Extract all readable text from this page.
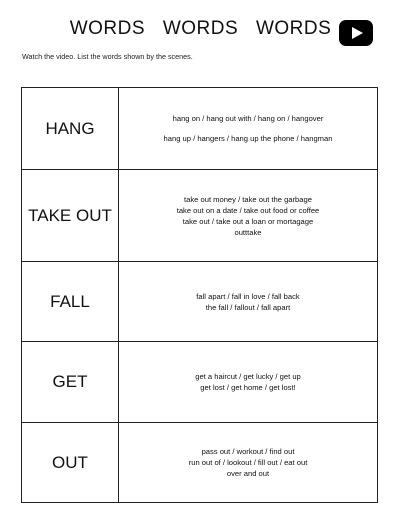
WORDS WORDS WORDS
Watch the video. List the words shown by the scenes.
HANG	hang on / hang out with / hang on / hangover
hang up / hangers / hang up the phone / hangman

TAKE OUT	take out money / take out the garbage
take out on a date / take out food or coffee
take out / take out a loan or mortagage
outttake

FALL	fall apart / fall in love / fall back
the fall / fallout / fall apart

GET	get a haircut / get lucky / get up
get lost / get home / get lost!

OUT	pass out / workout / find out
run out of / lookout / fill out / eat out
over and out
